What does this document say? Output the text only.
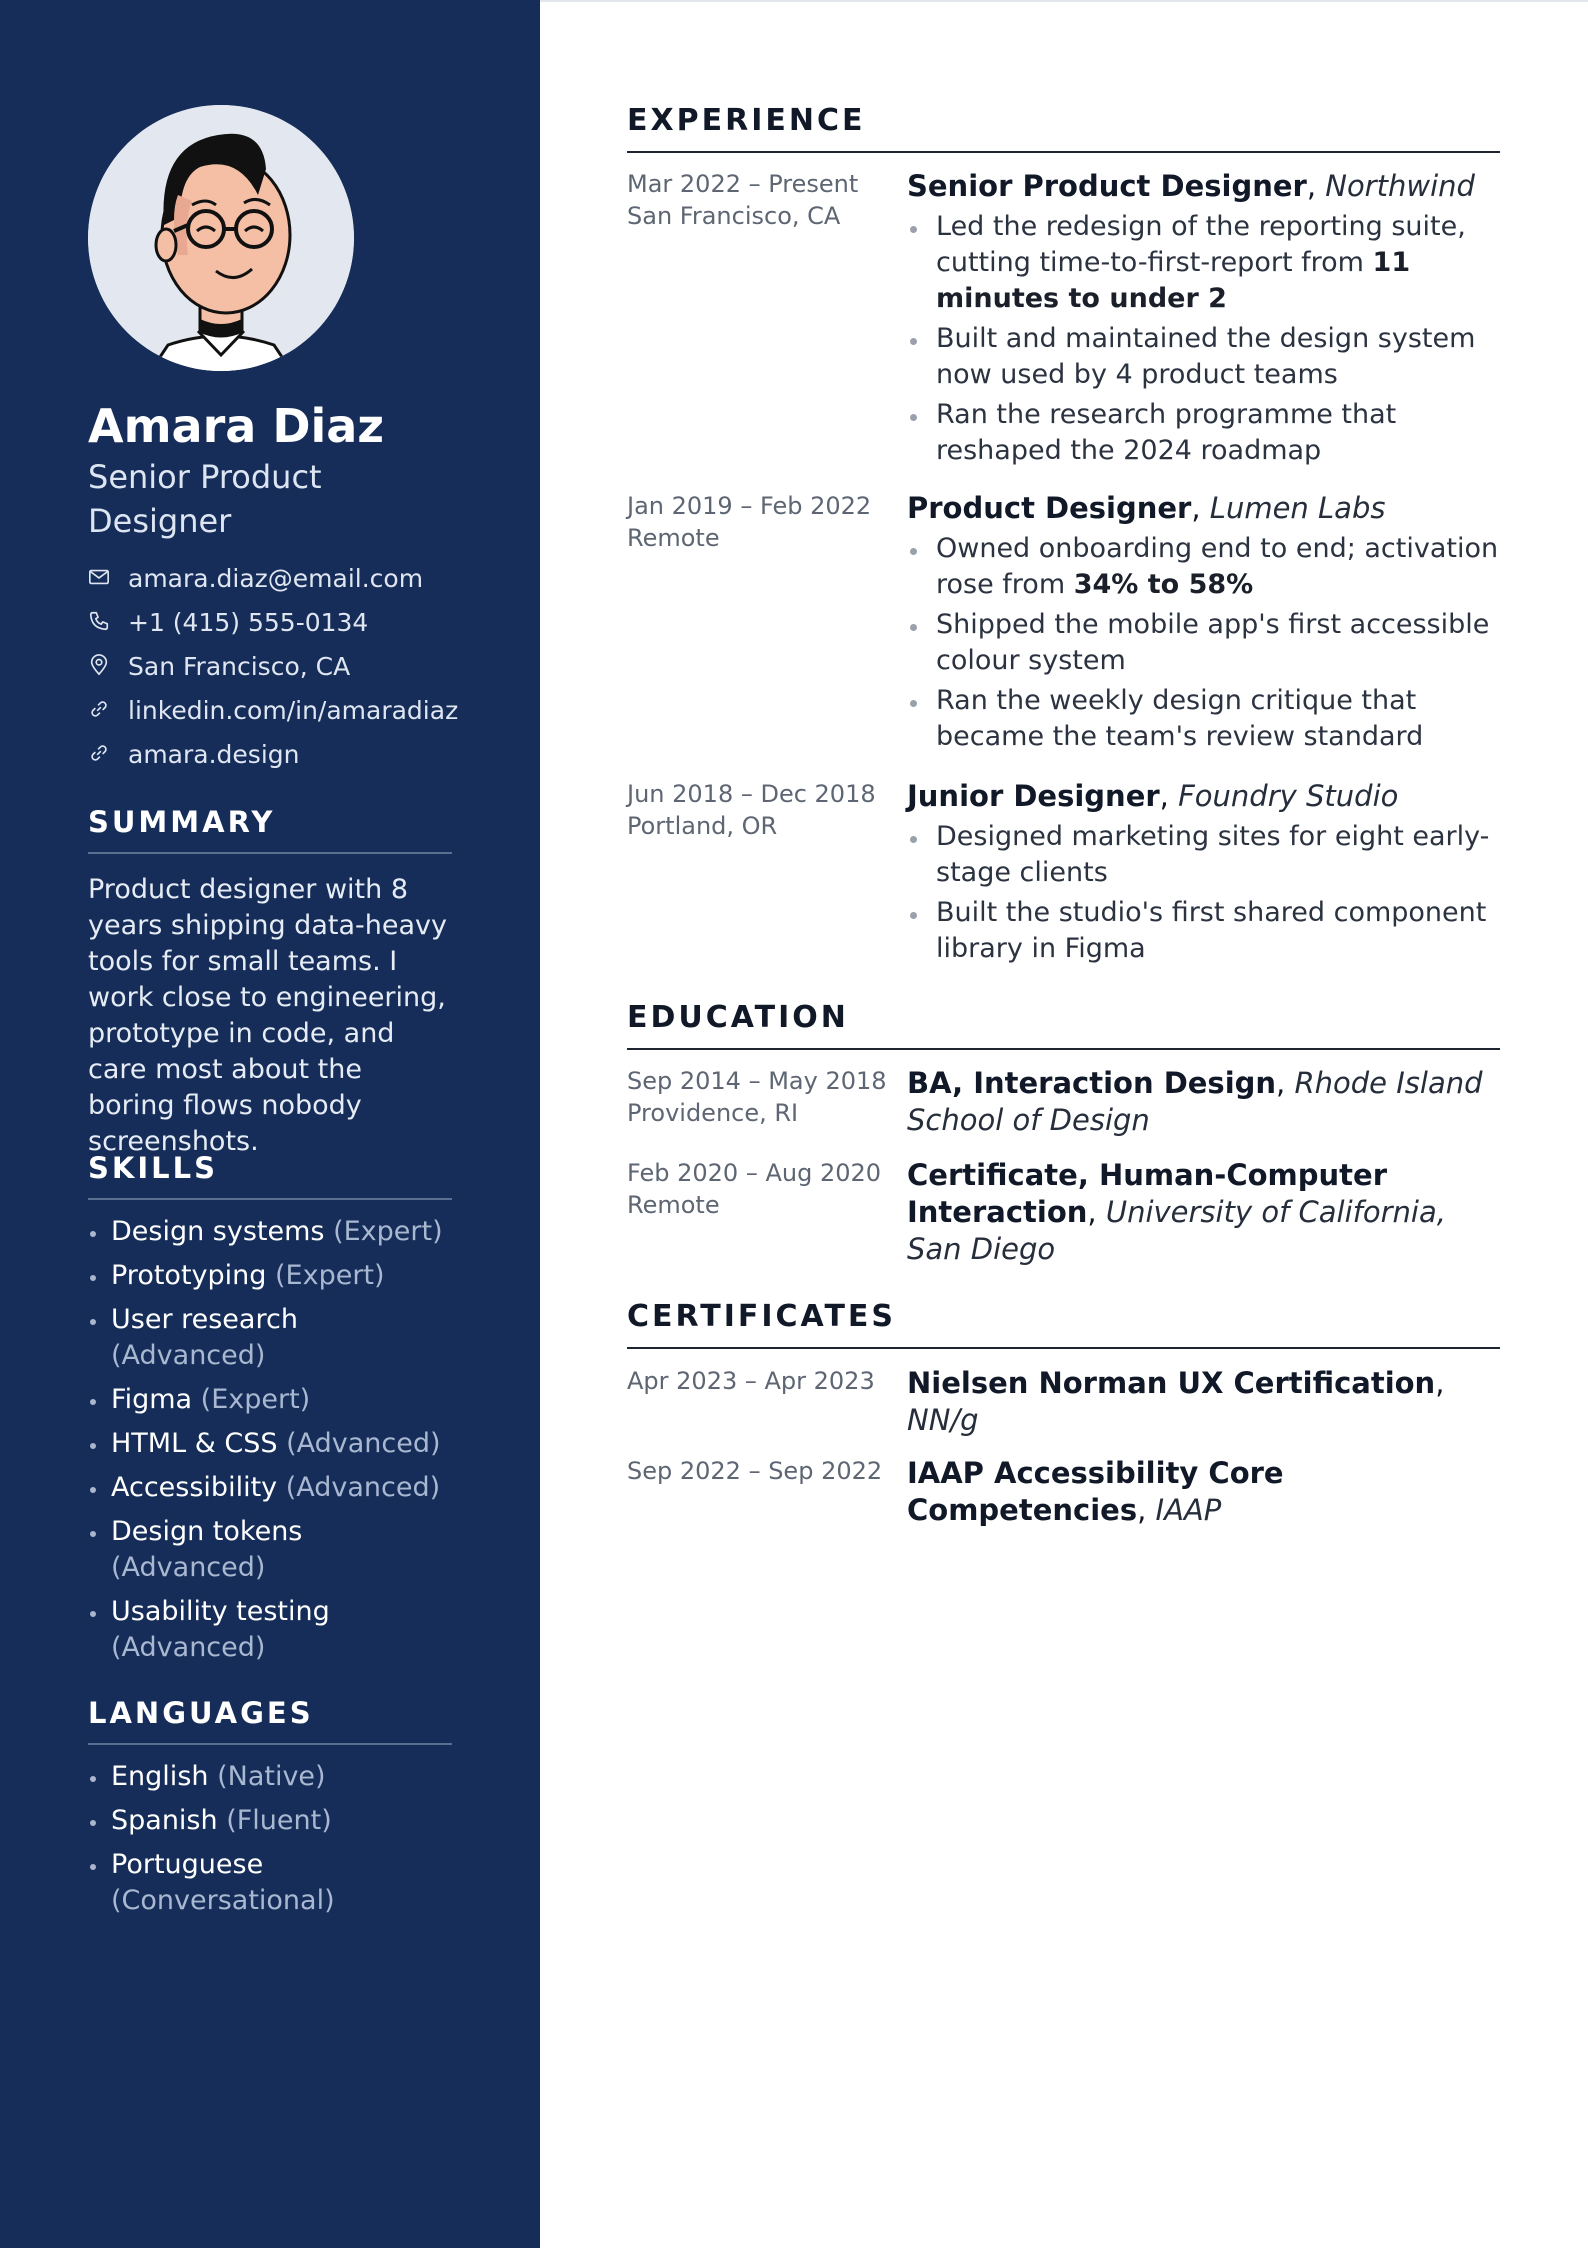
Amara Diaz
Senior Product Designer
amara.diaz@email.com
+1 (415) 555-0134
San Francisco, CA
linkedin.com/in/amaradiaz
amara.design
SUMMARY

Product designer with 8 years shipping data-heavy tools for small teams. I work close to engineering, prototype in code, and care most about the boring flows nobody screenshots.

SKILLS
Design systems (Expert)
Prototyping (Expert)
User research (Advanced)
Figma (Expert)
HTML & CSS (Advanced)
Accessibility (Advanced)
Design tokens (Advanced)
Usability testing (Advanced)
LANGUAGES
English (Native)
Spanish (Fluent)
Portuguese (Conversational)
EXPERIENCE
Mar 2022 – Present
San Francisco, CA
Senior Product Designer, Northwind
Led the redesign of the reporting suite, cutting time-to-first-report from 11 minutes to under 2
Built and maintained the design system now used by 4 product teams
Ran the research programme that reshaped the 2024 roadmap
Jan 2019 – Feb 2022
Remote
Product Designer, Lumen Labs
Owned onboarding end to end; activation rose from 34% to 58%
Shipped the mobile app's first accessible colour system
Ran the weekly design critique that became the team's review standard
Jun 2018 – Dec 2018
Portland, OR
Junior Designer, Foundry Studio
Designed marketing sites for eight early-stage clients
Built the studio's first shared component library in Figma
EDUCATION
Sep 2014 – May 2018
Providence, RI
BA, Interaction Design, Rhode Island School of Design
Feb 2020 – Aug 2020
Remote
Certificate, Human-Computer Interaction, University of California, San Diego
CERTIFICATES
Apr 2023 – Apr 2023	Nielsen Norman UX Certification, NN/g
Sep 2022 – Sep 2022 IAAP Accessibility Core Competencies, IAAP
